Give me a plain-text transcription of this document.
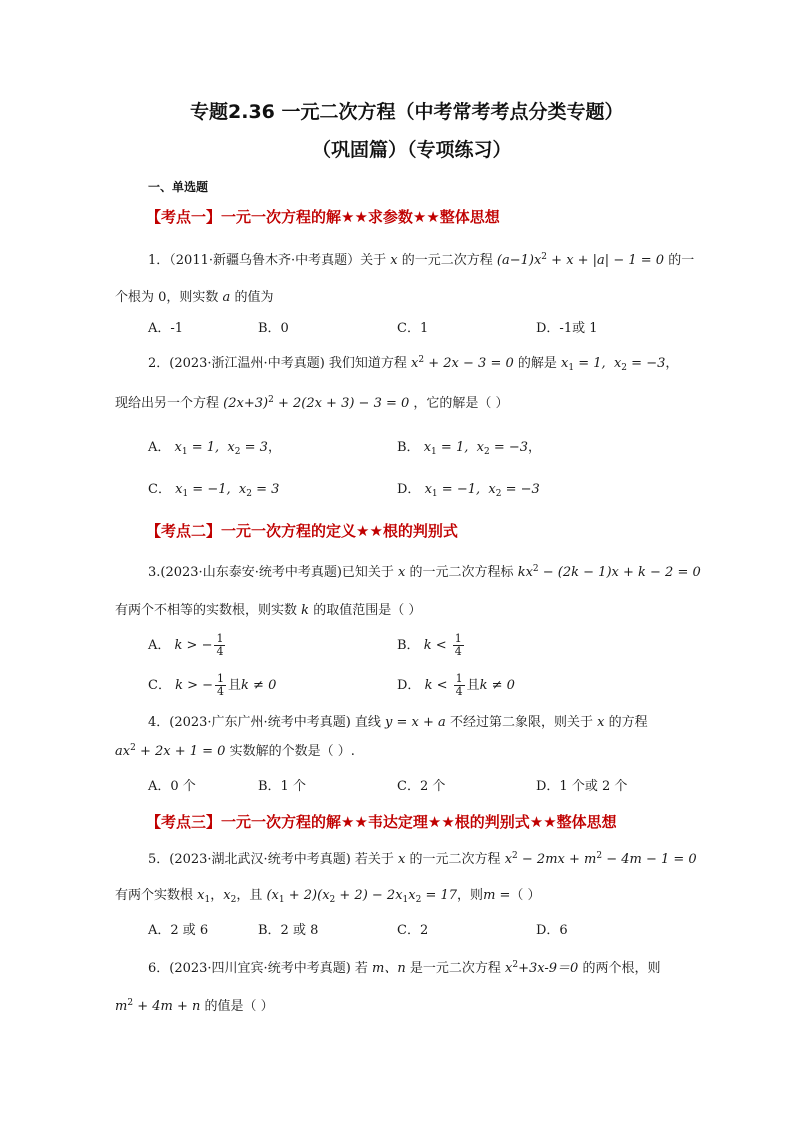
专题2.36 一元二次方程（中考常考考点分类专题）
（巩固篇）（专项练习）
一、单选题
【考点一】一元一次方程的解★★求参数★★整体思想
1．（2011·新疆乌鲁木齐·中考真题）关于 x 的一元二次方程 $(a-1)x^2 + x + |a| - 1 = 0$ 的一
个根为 0，则实数 a 的值为
A．-1	B．0	C．1	D．-1或 1
2．(2023·浙江温州·中考真题) 我们知道方程 $x^2 + 2x - 3 = 0$ 的解是 $x_1 = 1$,  $x_2 = -3$，
现给出另一个方程 $(2x+3)^2 + 2(2x + 3) - 3 = 0$ ，它的解是（ ）
A． $x_1 = 1$,  $x_2 = 3$，	B． $x_1 = 1$,  $x_2 = -3$，
C． $x_1 = -1$,  $x_2 = 3$	D． $x_1 = -1$,  $x_2 = -3$
【考点二】一元一次方程的定义★★根的判别式
3.(2023·山东泰安·统考中考真题)已知关于 x 的一元二次方程标 $kx^2 - (2k - 1)x + k - 2 = 0$
有两个不相等的实数根，则实数 k 的取值范围是（ ）
A． k > − $\frac{1}{4}$	B． $k < \frac{1}{4}$
C． k > − $\frac{1}{4}$ 且k ≠ 0	D． $k < \frac{1}{4}$ 且k ≠ 0
4．(2023·广东广州·统考中考真题) 直线 y = x + a 不经过第二象限，则关于 x 的方程
$ax^2 + 2x + 1 = 0$ 实数解的个数是（ ）.
A．0 个	B．1 个	C．2 个	D．1 个或 2 个
【考点三】一元一次方程的解★★韦达定理★★根的判别式★★整体思想
5．(2023·湖北武汉·统考中考真题) 若关于 x 的一元二次方程 $x^2 - 2mx + m^2 - 4m - 1 = 0$
有两个实数根 $x_1$，$x_2$，且 $(x_1 + 2)(x_2 + 2) - 2x_1x_2 = 17$，则m =（ ）
A．2 或 6	B．2 或 8	C．2	D．6
6．(2023·四川宜宾·统考中考真题) 若 m、n 是一元二次方程 $x^2+3x-9=0$ 的两个根，则
$m^2 + 4m + n$ 的值是（ ）
